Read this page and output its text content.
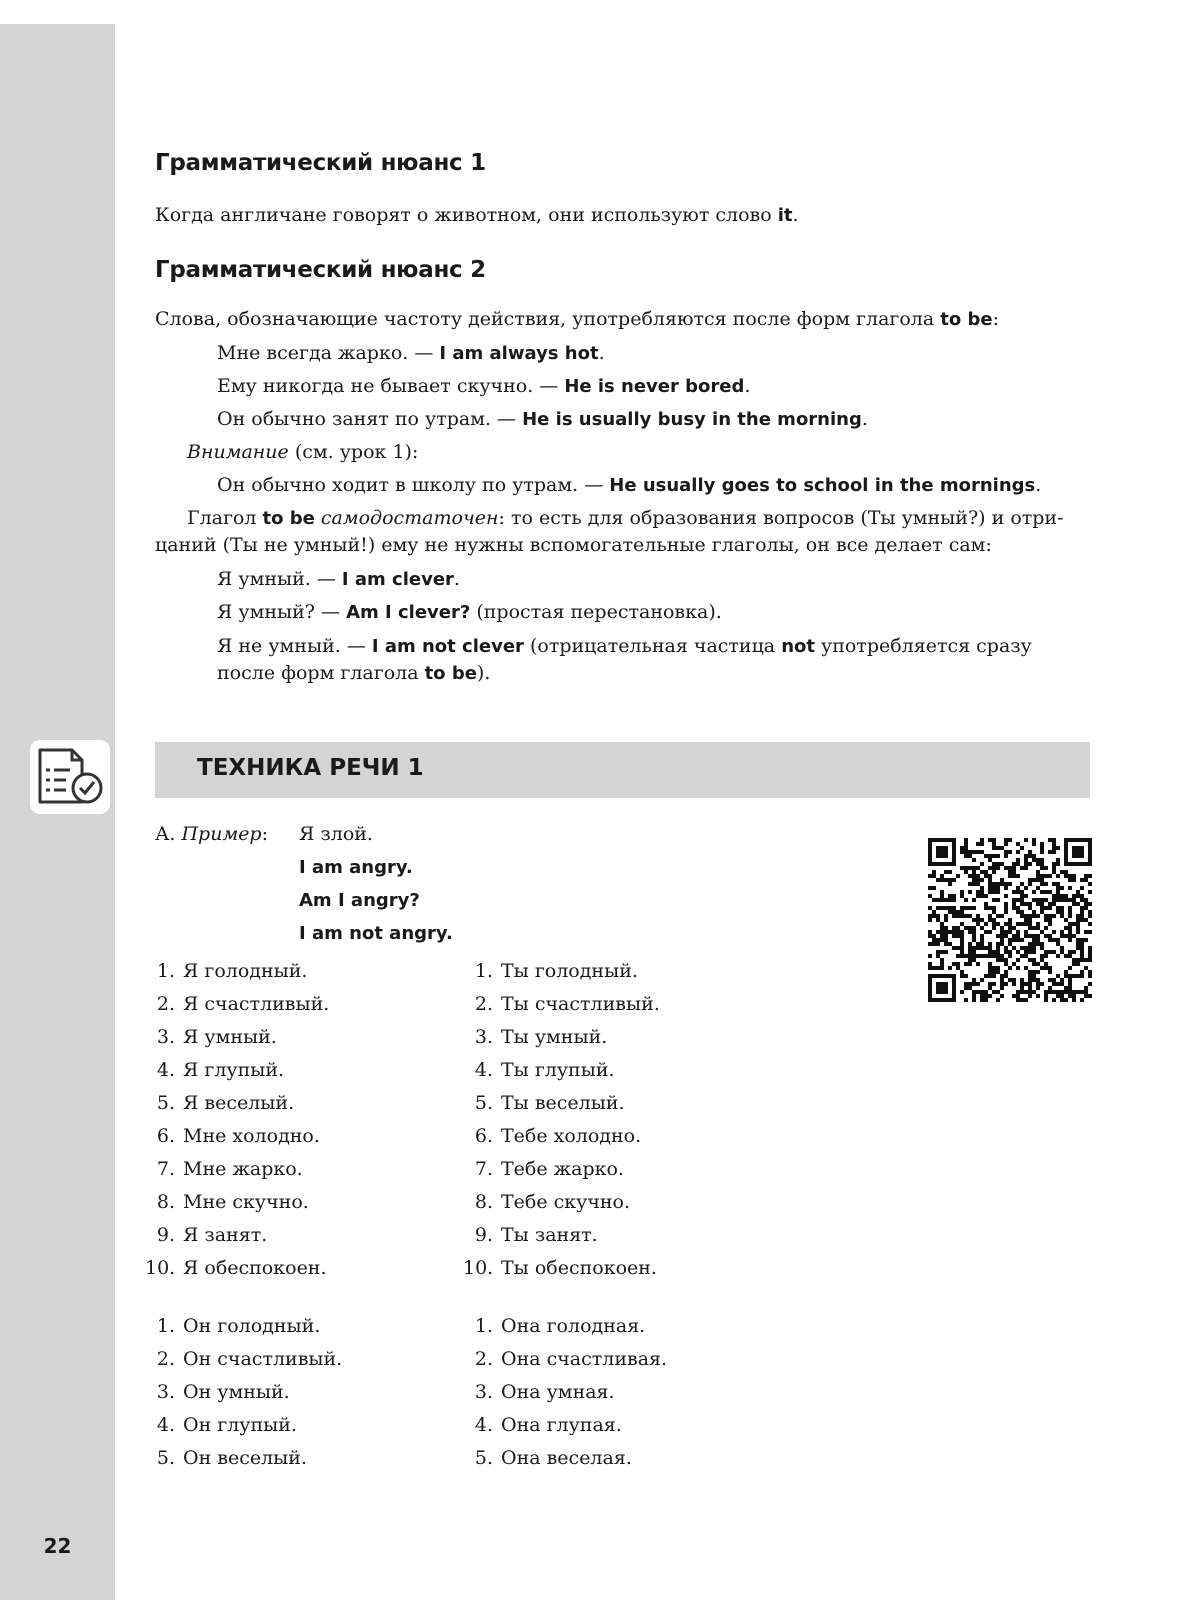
22
Грамматический нюанс 1

Когда англичане говорят о животном, они используют слово it.

Грамматический нюанс 2

Слова, обозначающие частоту действия, употребляются после форм глагола to be:

Мне всегда жарко. — I am always hot.

Ему никогда не бывает скучно. — He is never bored.

Он обычно занят по утрам. — He is usually busy in the morning.

Внимание (см. урок 1):

Он обычно ходит в школу по утрам. — He usually goes to school in the mornings.

Глагол to be самодостаточен: то есть для образования вопросов (Ты умный?) и отри-

цаний (Ты не умный!) ему не нужны вспомогательные глаголы, он все делает сам:

Я умный. — I am clever.

Я умный? — Am I clever? (простая перестановка).

Я не умный. — I am not clever (отрицательная частица not употребляется сразу

после форм глагола to be).

ТЕХНИКА РЕЧИ 1

А. Пример: Я злой.

I am angry.

Am I angry?

I am not angry.

1. Я голодный.
2. Я счастливый.
3. Я умный.
4. Я глупый.
5. Я веселый.
6. Мне холодно.
7. Мне жарко.
8. Мне скучно.
9. Я занят.
10. Я обеспокоен.
1. Ты голодный.
2. Ты счастливый.
3. Ты умный.
4. Ты глупый.
5. Ты веселый.
6. Тебе холодно.
7. Тебе жарко.
8. Тебе скучно.
9. Ты занят.
10. Ты обеспокоен.
1. Он голодный.
2. Он счастливый.
3. Он умный.
4. Он глупый.
5. Он веселый.
1. Она голодная.
2. Она счастливая.
3. Она умная.
4. Она глупая.
5. Она веселая.
